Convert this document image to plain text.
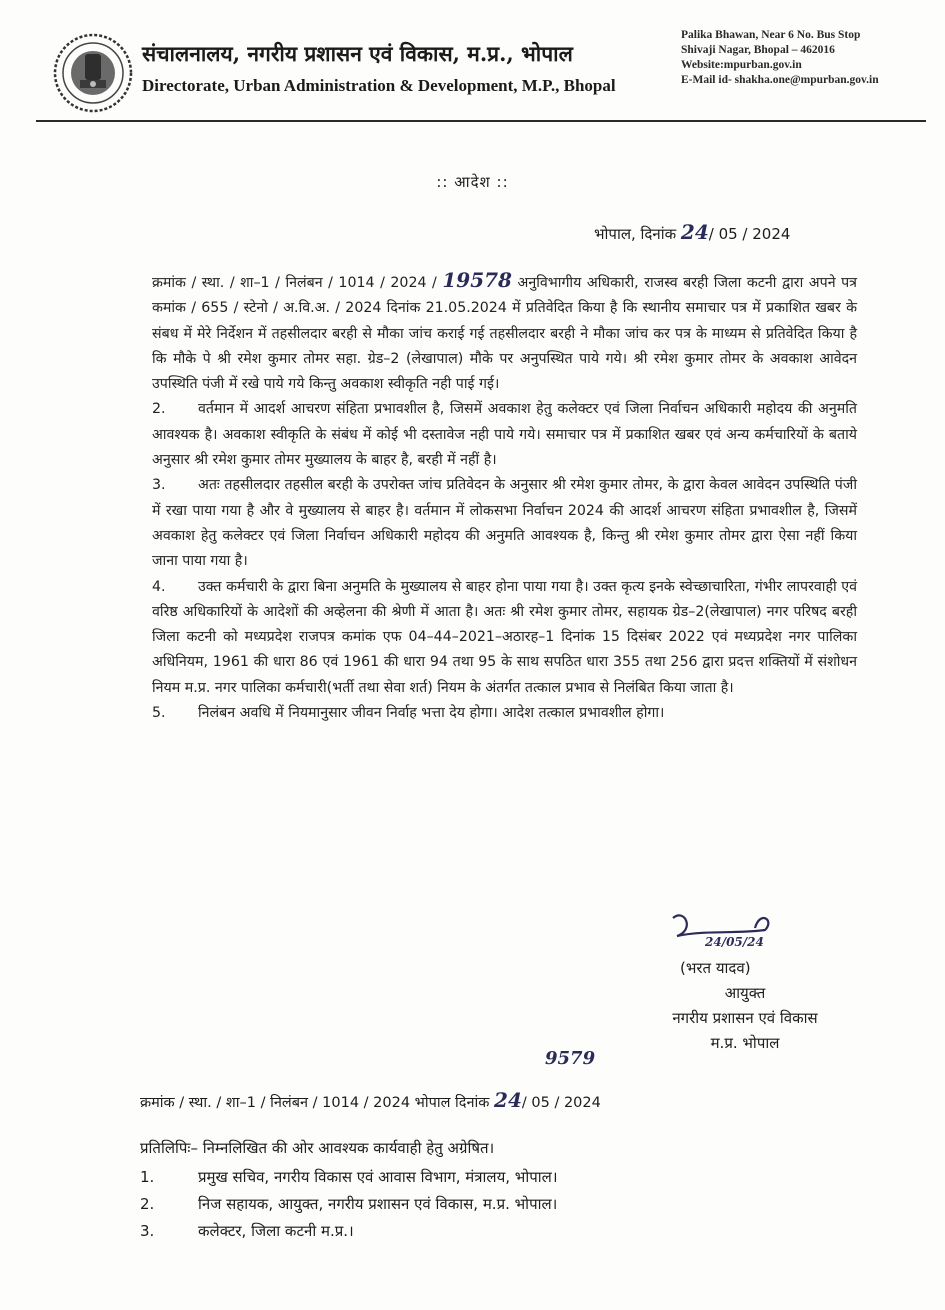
संचालनालय, नगरीय प्रशासन एवं विकास, म.प्र., भोपाल
Directorate, Urban Administration & Development, M.P., Bhopal
Palika Bhawan, Near 6 No. Bus Stop
Shivaji Nagar, Bhopal – 462016
Website:mpurban.gov.in
E-Mail id- shakha.one@mpurban.gov.in
:: आदेश ::
भोपाल, दिनांक 24/ 05 / 2024

क्रमांक / स्था. / शा–1 / निलंबन / 1014 / 2024 / 19578 अनुविभागीय अधिकारी, राजस्व बरही जिला कटनी द्वारा अपने पत्र कमांक / 655 / स्टेनो / अ.वि.अ. / 2024 दिनांक 21.05.2024 में प्रतिवेदित किया है कि स्थानीय समाचार पत्र में प्रकाशित खबर के संबध में मेरे निर्देशन में तहसीलदार बरही से मौका जांच कराई गई तहसीलदार बरही ने मौका जांच कर पत्र के माध्यम से प्रतिवेदित किया है कि मौके पे श्री रमेश कुमार तोमर सहा. ग्रेड–2 (लेखापाल) मौके पर अनुपस्थित पाये गये। श्री रमेश कुमार तोमर के अवकाश आवेदन उपस्थिति पंजी में रखे पाये गये किन्तु अवकाश स्वीकृति नही पाई गई।

2. वर्तमान में आदर्श आचरण संहिता प्रभावशील है, जिसमें अवकाश हेतु कलेक्टर एवं जिला निर्वाचन अधिकारी महोदय की अनुमति आवश्यक है। अवकाश स्वीकृति के संबंध में कोई भी दस्तावेज नही पाये गये। समाचार पत्र में प्रकाशित खबर एवं अन्य कर्मचारियों के बताये अनुसार श्री रमेश कुमार तोमर मुख्यालय के बाहर है, बरही में नहीं है।

3. अतः तहसीलदार तहसील बरही के उपरोक्त जांच प्रतिवेदन के अनुसार श्री रमेश कुमार तोमर, के द्वारा केवल आवेदन उपस्थिति पंजी में रखा पाया गया है और वे मुख्यालय से बाहर है। वर्तमान में लोकसभा निर्वाचन 2024 की आदर्श आचरण संहिता प्रभावशील है, जिसमें अवकाश हेतु कलेक्टर एवं जिला निर्वाचन अधिकारी महोदय की अनुमति आवश्यक है, किन्तु श्री रमेश कुमार तोमर द्वारा ऐसा नहीं किया जाना पाया गया है।

4. उक्त कर्मचारी के द्वारा बिना अनुमति के मुख्यालय से बाहर होना पाया गया है। उक्त कृत्य इनके स्वेच्छाचारिता, गंभीर लापरवाही एवं वरिष्ठ अधिकारियों के आदेशों की अव्हेलना की श्रेणी में आता है। अतः श्री रमेश कुमार तोमर, सहायक ग्रेड–2(लेखापाल) नगर परिषद बरही जिला कटनी को मध्यप्रदेश राजपत्र कमांक एफ 04–44–2021–अठारह–1 दिनांक 15 दिसंबर 2022 एवं मध्यप्रदेश नगर पालिका अधिनियम, 1961 की धारा 86 एवं 1961 की धारा 94 तथा 95 के साथ सपठित धारा 355 तथा 256 द्वारा प्रदत्त शक्तियों में संशोधन नियम म.प्र. नगर पालिका कर्मचारी(भर्ती तथा सेवा शर्त) नियम के अंतर्गत तत्काल प्रभाव से निलंबित किया जाता है।

5. निलंबन अवधि में नियमानुसार जीवन निर्वाह भत्ता देय होगा। आदेश तत्काल प्रभावशील होगा।

24/05/24
(भरत यादव)
आयुक्त
नगरीय प्रशासन एवं विकास
म.प्र. भोपाल
9579
क्रमांक / स्था. / शा–1 / निलंबन / 1014 / 2024 भोपाल दिनांक 24/ 05 / 2024
प्रतिलिपिः– निम्नलिखित की ओर आवश्यक कार्यवाही हेतु अग्रेषित।
1.	प्रमुख सचिव, नगरीय विकास एवं आवास विभाग, मंत्रालय, भोपाल।
2.	निज सहायक, आयुक्त, नगरीय प्रशासन एवं विकास, म.प्र. भोपाल।
3.	कलेक्टर, जिला कटनी म.प्र.।
